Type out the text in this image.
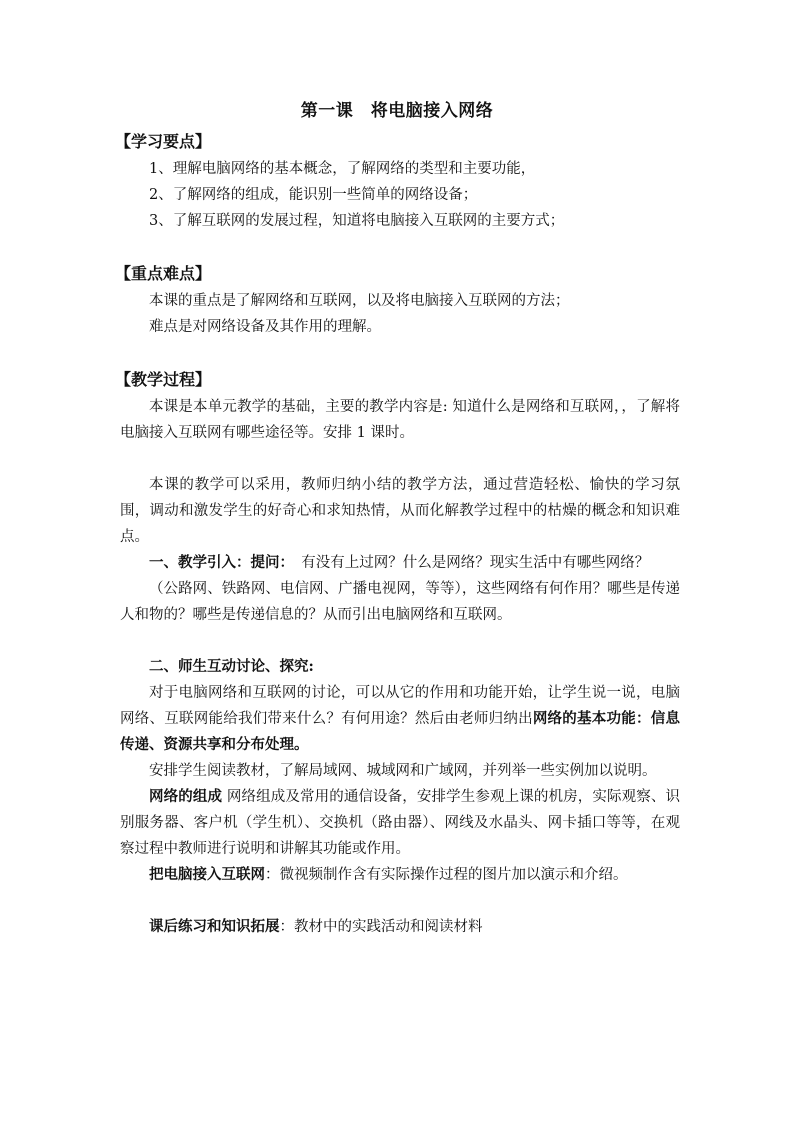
第一课　将电脑接入网络
【学习要点】

1、理解电脑网络的基本概念，了解网络的类型和主要功能，

2、了解网络的组成，能识别一些简单的网络设备；

3、了解互联网的发展过程，知道将电脑接入互联网的主要方式；

【重点难点】

本课的重点是了解网络和互联网，以及将电脑接入互联网的方法；

难点是对网络设备及其作用的理解。

【教学过程】

本课是本单元教学的基础，主要的教学内容是: 知道什么是网络和互联网，，了解将电脑接入互联网有哪些途径等。安排 1 课时。

本课的教学可以采用，教师归纳小结的教学方法，通过营造轻松、愉快的学习氛围，调动和激发学生的好奇心和求知热情，从而化解教学过程中的枯燥的概念和知识难点。

一、教学引入：提问：　有没有上过网？什么是网络？现实生活中有哪些网络？

（公路网、铁路网、电信网、广播电视网，等等），这些网络有何作用？哪些是传递人和物的？哪些是传递信息的？从而引出电脑网络和互联网。

二、师生互动讨论、探究:

对于电脑网络和互联网的讨论，可以从它的作用和功能开始，让学生说一说，电脑网络、互联网能给我们带来什么？有何用途？然后由老师归纳出网络的基本功能：信息传递、资源共享和分布处理。

安排学生阅读教材，了解局域网、城域网和广域网，并列举一些实例加以说明。

网络的组成 网络组成及常用的通信设备，安排学生参观上课的机房，实际观察、识别服务器、客户机（学生机）、交换机（路由器）、网线及水晶头、网卡插口等等，在观察过程中教师进行说明和讲解其功能或作用。

把电脑接入互联网：微视频制作含有实际操作过程的图片加以演示和介绍。

课后练习和知识拓展：教材中的实践活动和阅读材料
